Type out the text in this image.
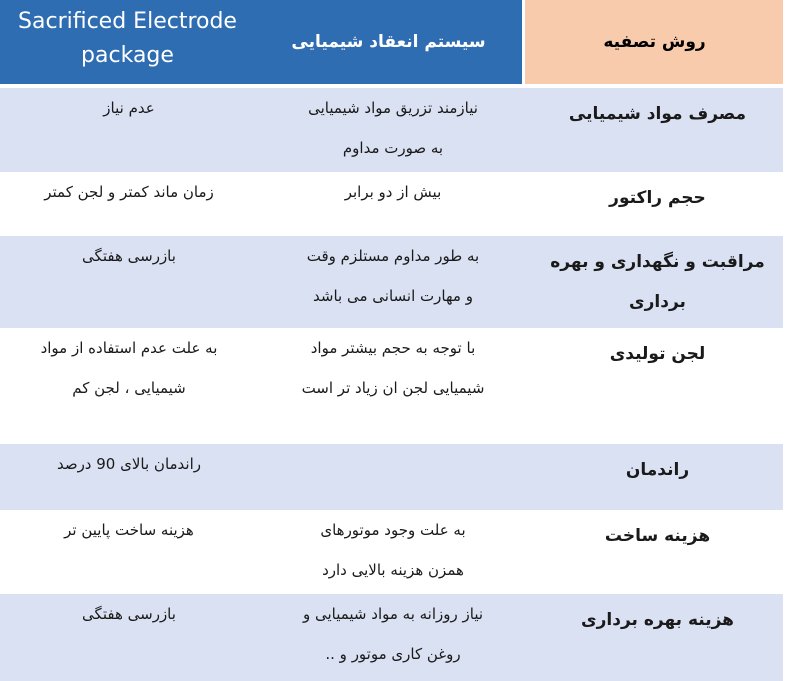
Sacrificed Electrode
package
سیستم انعقاد شیمیایی	روش تصفیه
مصرف مواد شیمیایی
نیازمند تزریق مواد شیمیایی
به صورت مداوم
عدم نیاز
حجم راکتور
بیش از دو برابر
زمان ماند کمتر و لجن کمتر
مراقبت و نگهداری و بهره
برداری
به طور مداوم مستلزم وقت
و مهارت انسانی می باشد
بازرسی هفتگی
لجن تولیدی
با توجه به حجم بیشتر مواد
شیمیایی لجن ان زیاد تر است
به علت عدم استفاده از مواد
شیمیایی ، لجن کم
راندمان
راندمان بالای 90 درصد
هزینه ساخت
به علت وجود موتورهای
همزن هزینه بالایی دارد
هزینه ساخت پایین تر
هزینه بهره برداری
نیاز روزانه به مواد شیمیایی و
روغن کاری موتور و ..
بازرسی هفتگی
